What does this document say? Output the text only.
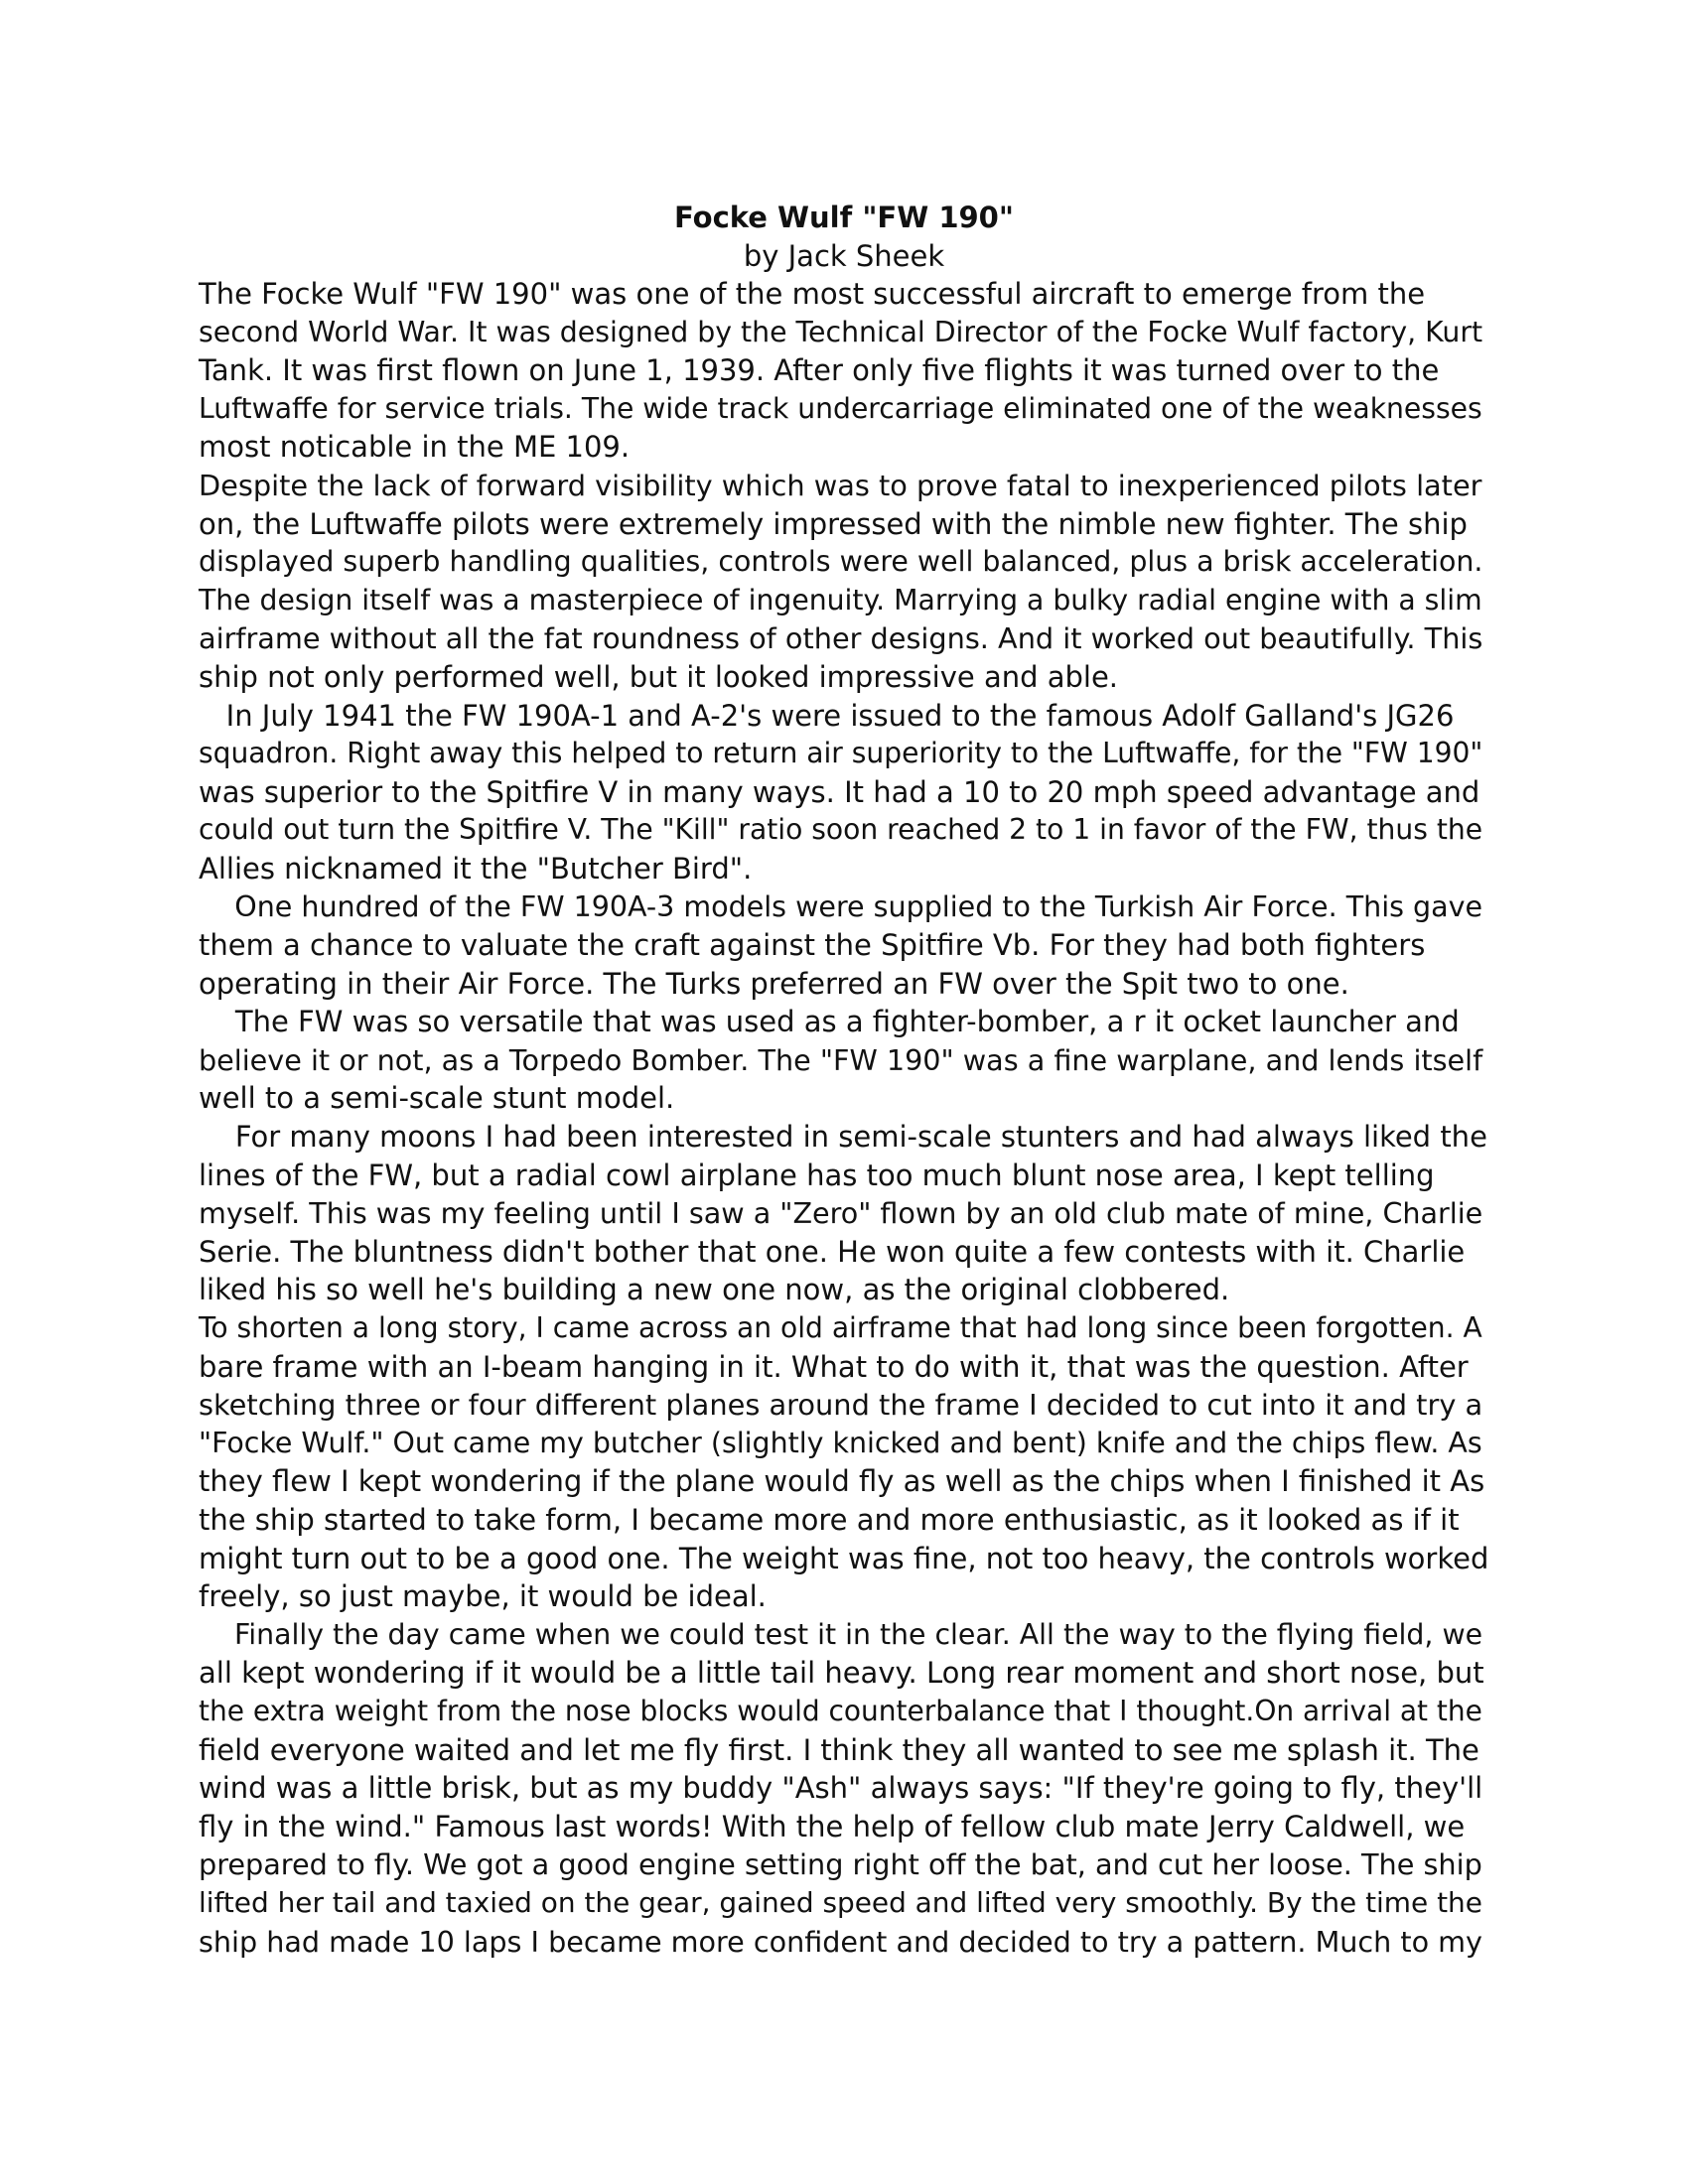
Focke Wulf "FW 190"

by Jack Sheek

The Focke Wulf "FW 190" was one of the most successful aircraft to emerge from the
second World War. It was designed by the Technical Director of the Focke Wulf factory, Kurt
Tank. It was first flown on June 1, 1939. After only five flights it was turned over to the
Luftwaffe for service trials. The wide track undercarriage eliminated one of the weaknesses
most noticable in the ME 109.
Despite the lack of forward visibility which was to prove fatal to inexperienced pilots later
on, the Luftwaffe pilots were extremely impressed with the nimble new fighter. The ship
displayed superb handling qualities, controls were well balanced, plus a brisk acceleration.
The design itself was a masterpiece of ingenuity. Marrying a bulky radial engine with a slim
airframe without all the fat roundness of other designs. And it worked out beautifully. This
ship not only performed well, but it looked impressive and able.
In July 1941 the FW 190A-1 and A-2's were issued to the famous Adolf Galland's JG26
squadron. Right away this helped to return air superiority to the Luftwaffe, for the "FW 190"
was superior to the Spitfire V in many ways. It had a 10 to 20 mph speed advantage and
could out turn the Spitfire V. The "Kill" ratio soon reached 2 to 1 in favor of the FW, thus the
Allies nicknamed it the "Butcher Bird".
One hundred of the FW 190A-3 models were supplied to the Turkish Air Force. This gave
them a chance to valuate the craft against the Spitfire Vb. For they had both fighters
operating in their Air Force. The Turks preferred an FW over the Spit two to one.
The FW was so versatile that was used as a fighter-bomber, a r it ocket launcher and
believe it or not, as a Torpedo Bomber. The "FW 190" was a fine warplane, and lends itself
well to a semi-scale stunt model.
For many moons I had been interested in semi-scale stunters and had always liked the
lines of the FW, but a radial cowl airplane has too much blunt nose area, I kept telling
myself. This was my feeling until I saw a "Zero" flown by an old club mate of mine, Charlie
Serie. The bluntness didn't bother that one. He won quite a few contests with it. Charlie
liked his so well he's building a new one now, as the original clobbered.
To shorten a long story, I came across an old airframe that had long since been forgotten. A
bare frame with an I-beam hanging in it. What to do with it, that was the question. After
sketching three or four different planes around the frame I decided to cut into it and try a
"Focke Wulf." Out came my butcher (slightly knicked and bent) knife and the chips flew. As
they flew I kept wondering if the plane would fly as well as the chips when I finished it As
the ship started to take form, I became more and more enthusiastic, as it looked as if it
might turn out to be a good one. The weight was fine, not too heavy, the controls worked
freely, so just maybe, it would be ideal.
Finally the day came when we could test it in the clear. All the way to the flying field, we
all kept wondering if it would be a little tail heavy. Long rear moment and short nose, but
the extra weight from the nose blocks would counterbalance that I thought.On arrival at the
field everyone waited and let me fly first. I think they all wanted to see me splash it. The
wind was a little brisk, but as my buddy "Ash" always says: "If they're going to fly, they'll
fly in the wind." Famous last words! With the help of fellow club mate Jerry Caldwell, we
prepared to fly. We got a good engine setting right off the bat, and cut her loose. The ship
lifted her tail and taxied on the gear, gained speed and lifted very smoothly. By the time the
ship had made 10 laps I became more confident and decided to try a pattern. Much to my
